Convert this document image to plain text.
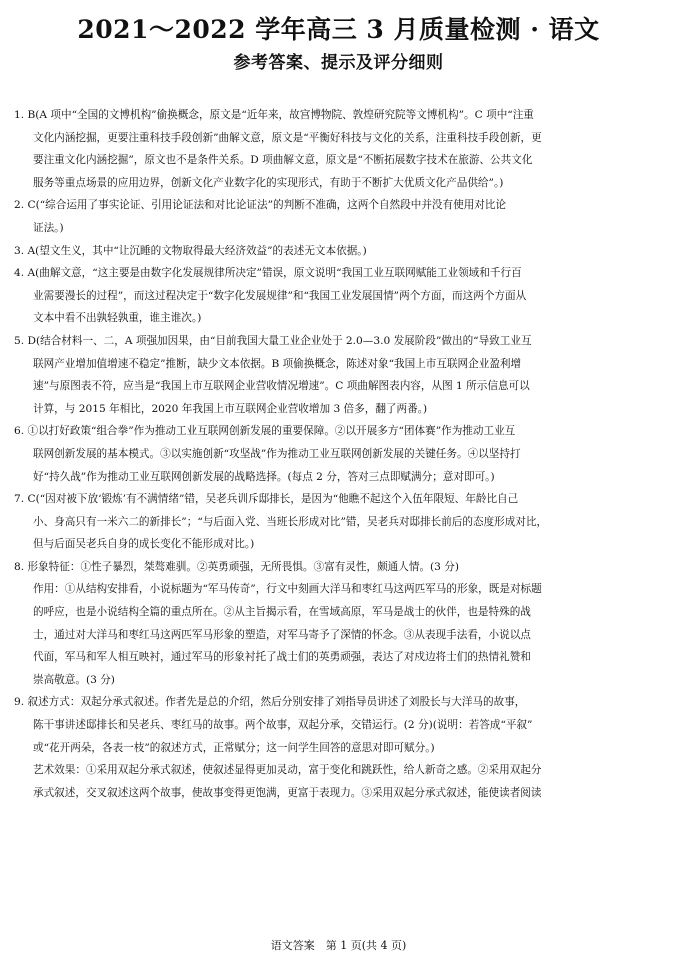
2021～2022 学年高三 3 月质量检测 · 语文
参考答案、提示及评分细则

1. B(A 项中“全国的文博机构”偷换概念，原文是“近年来，故宫博物院、敦煌研究院等文博机构”。C 项中“注重

文化内涵挖掘，更要注重科技手段创新”曲解文意，原文是“平衡好科技与文化的关系，注重科技手段创新，更

要注重文化内涵挖掘”，原文也不是条件关系。D 项曲解文意，原文是“不断拓展数字技术在旅游、公共文化

服务等重点场景的应用边界，创新文化产业数字化的实现形式，有助于不断扩大优质文化产品供给”。)

2. C(“综合运用了事实论证、引用论证法和对比论证法”的判断不准确，这两个自然段中并没有使用对比论

证法。)

3. A(望文生义，其中“让沉睡的文物取得最大经济效益”的表述无文本依据。)

4. A(曲解文意，“这主要是由数字化发展规律所决定”错误，原文说明“我国工业互联网赋能工业领域和千行百

业需要漫长的过程”，而这过程决定于“数字化发展规律”和“我国工业发展国情”两个方面，而这两个方面从

文本中看不出孰轻孰重，谁主谁次。)

5. D(结合材料一、二，A 项强加因果，由“目前我国大量工业企业处于 2.0—3.0 发展阶段”做出的“导致工业互

联网产业增加值增速不稳定”推断，缺少文本依据。B 项偷换概念，陈述对象“我国上市互联网企业盈利增

速”与原图表不符，应当是“我国上市互联网企业营收情况增速”。C 项曲解图表内容，从图 1 所示信息可以

计算，与 2015 年相比，2020 年我国上市互联网企业营收增加 3 倍多，翻了两番。)

6. ①以打好政策“组合拳”作为推动工业互联网创新发展的重要保障。②以开展多方“团体赛”作为推动工业互

联网创新发展的基本模式。③以实施创新“攻坚战”作为推动工业互联网创新发展的关键任务。④以坚持打

好“持久战”作为推动工业互联网创新发展的战略选择。(每点 2 分，答对三点即赋满分；意对即可。)

7. C(“因对被下放‘锻炼’有不满情绪”错，吴老兵训斥邸排长，是因为“他瞧不起这个入伍年限短、年龄比自己

小、身高只有一米六二的新排长”；“与后面入党、当班长形成对比”错，吴老兵对邸排长前后的态度形成对比，

但与后面吴老兵自身的成长变化不能形成对比。)

8. 形象特征：①性子暴烈，桀骜难驯。②英勇顽强，无所畏惧。③富有灵性，颇通人情。(3 分)

作用：①从结构安排看，小说标题为“军马传奇”，行文中刻画大洋马和枣红马这两匹军马的形象，既是对标题

的呼应，也是小说结构全篇的重点所在。②从主旨揭示看，在雪域高原，军马是战士的伙伴，也是特殊的战

士，通过对大洋马和枣红马这两匹军马形象的塑造，对军马寄予了深情的怀念。③从表现手法看，小说以点

代面，军马和军人相互映衬，通过军马的形象衬托了战士们的英勇顽强，表达了对戍边将士们的热情礼赞和

崇高敬意。(3 分)

9. 叙述方式：双起分承式叙述。作者先是总的介绍，然后分别安排了刘指导员讲述了刘股长与大洋马的故事，

陈干事讲述邸排长和吴老兵、枣红马的故事。两个故事，双起分承，交错运行。(2 分)(说明：若答成“平叙”

或“花开两朵，各表一枝”的叙述方式，正常赋分；这一问学生回答的意思对即可赋分。)

艺术效果：①采用双起分承式叙述，使叙述显得更加灵动，富于变化和跳跃性，给人新奇之感。②采用双起分

承式叙述，交叉叙述这两个故事，使故事变得更饱满，更富于表现力。③采用双起分承式叙述，能使读者阅读

语文答案　第 1 页(共 4 页)
